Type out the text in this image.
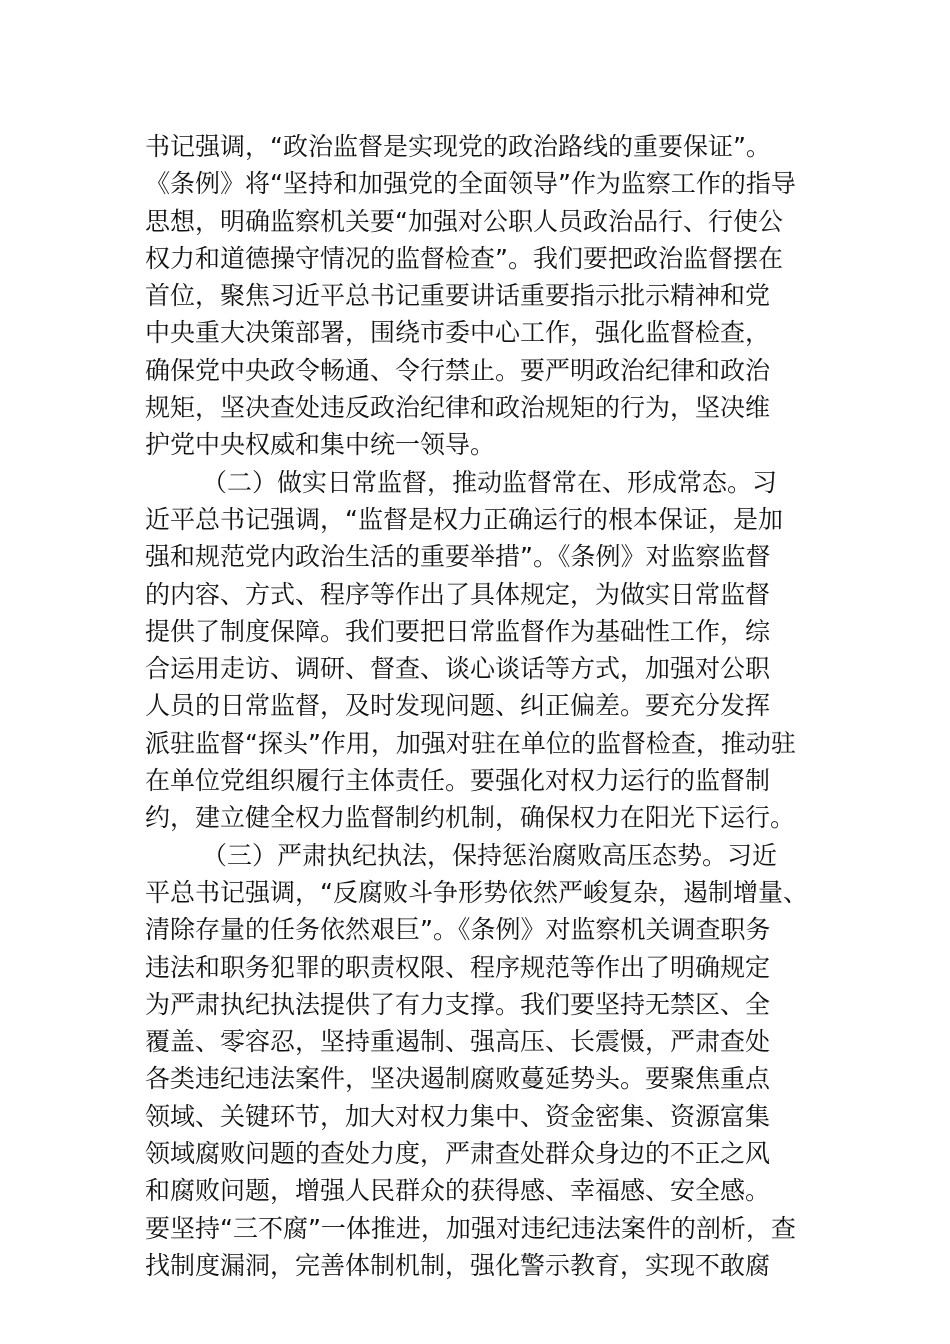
书记强调，“政治监督是实现党的政治路线的重要保证”。
《条例》将“坚持和加强党的全面领导”作为监察工作的指导
思想，明确监察机关要“加强对公职人员政治品行、行使公
权力和道德操守情况的监督检查”。我们要把政治监督摆在
首位，聚焦习近平总书记重要讲话重要指示批示精神和党
中央重大决策部署，围绕市委中心工作，强化监督检查，
确保党中央政令畅通、令行禁止。要严明政治纪律和政治
规矩，坚决查处违反政治纪律和政治规矩的行为，坚决维
护党中央权威和集中统一领导。
（二）做实日常监督，推动监督常在、形成常态。习
近平总书记强调，“监督是权力正确运行的根本保证，是加
强和规范党内政治生活的重要举措”。《条例》对监察监督
的内容、方式、程序等作出了具体规定，为做实日常监督
提供了制度保障。我们要把日常监督作为基础性工作，综
合运用走访、调研、督查、谈心谈话等方式，加强对公职
人员的日常监督，及时发现问题、纠正偏差。要充分发挥
派驻监督“探头”作用，加强对驻在单位的监督检查，推动驻
在单位党组织履行主体责任。要强化对权力运行的监督制
约，建立健全权力监督制约机制，确保权力在阳光下运行。
（三）严肃执纪执法，保持惩治腐败高压态势。习近
平总书记强调，“反腐败斗争形势依然严峻复杂，遏制增量、
清除存量的任务依然艰巨”。《条例》对监察机关调查职务
违法和职务犯罪的职责权限、程序规范等作出了明确规定
为严肃执纪执法提供了有力支撑。我们要坚持无禁区、全
覆盖、零容忍，坚持重遏制、强高压、长震慑，严肃查处
各类违纪违法案件，坚决遏制腐败蔓延势头。要聚焦重点
领域、关键环节，加大对权力集中、资金密集、资源富集
领域腐败问题的查处力度，严肃查处群众身边的不正之风
和腐败问题，增强人民群众的获得感、幸福感、安全感。
要坚持“三不腐”一体推进，加强对违纪违法案件的剖析，查
找制度漏洞，完善体制机制，强化警示教育，实现不敢腐
